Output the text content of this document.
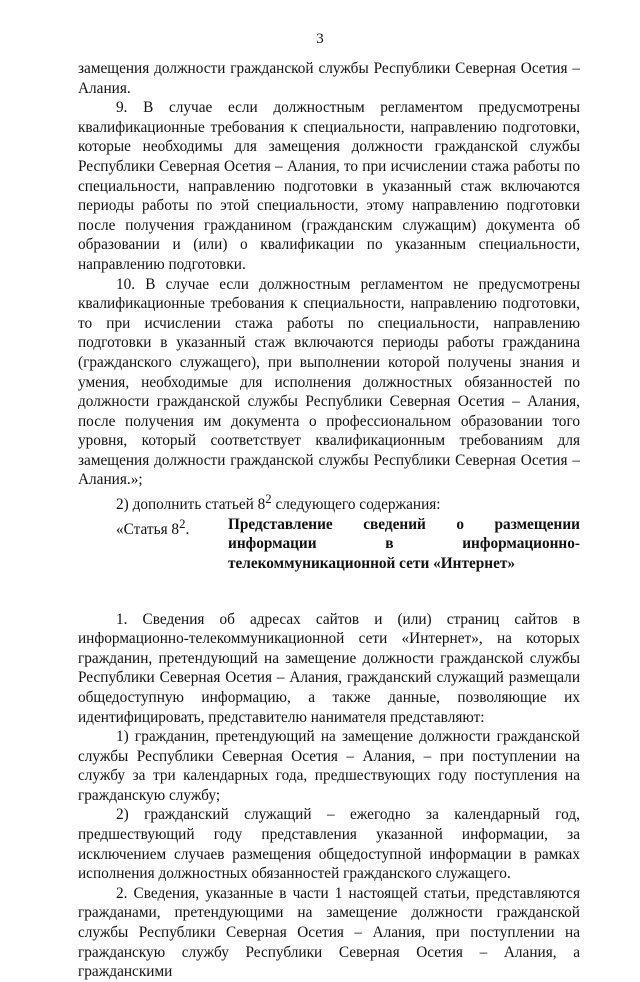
3

замещения должности гражданской службы Республики Северная Осетия – Алания.

9. В случае если должностным регламентом предусмотрены квалификационные требования к специальности, направлению подготовки, которые необходимы для замещения должности гражданской службы Республики Северная Осетия – Алания, то при исчислении стажа работы по специальности, направлению подготовки в указанный стаж включаются периоды работы по этой специальности, этому направлению подготовки после получения гражданином (гражданским служащим) документа об образовании и (или) о квалификации по указанным специальности, направлению подготовки.

10. В случае если должностным регламентом не предусмотрены квалификационные требования к специальности, направлению подготовки, то при исчислении стажа работы по специальности, направлению подготовки в указанный стаж включаются периоды работы гражданина (гражданского служащего), при выполнении которой получены знания и умения, необходимые для исполнения должностных обязанностей по должности гражданской службы Республики Северная Осетия – Алания, после получения им документа о профессиональном образовании того уровня, который соответствует квалификационным требованиям для замещения должности гражданской службы Республики Северная Осетия – Алания.»;

2) дополнить статьей $8^2$ следующего содержания:

«Статья $8^2$.	Представление сведений о размещении информации в информационно-телекоммуникационной сети «Интернет»

1. Сведения об адресах сайтов и (или) страниц сайтов в информационно-телекоммуникационной сети «Интернет», на которых гражданин, претендующий на замещение должности гражданской службы Республики Северная Осетия – Алания, гражданский служащий размещали общедоступную информацию, а также данные, позволяющие их идентифицировать, представителю нанимателя представляют:

1) гражданин, претендующий на замещение должности гражданской службы Республики Северная Осетия – Алания, – при поступлении на службу за три календарных года, предшествующих году поступления на гражданскую службу;

2) гражданский служащий – ежегодно за календарный год, предшествующий году представления указанной информации, за исключением случаев размещения общедоступной информации в рамках исполнения должностных обязанностей гражданского служащего.

2. Сведения, указанные в части 1 настоящей статьи, представляются гражданами, претендующими на замещение должности гражданской службы Республики Северная Осетия – Алания, при поступлении на гражданскую службу Республики Северная Осетия – Алания, а гражданскими
